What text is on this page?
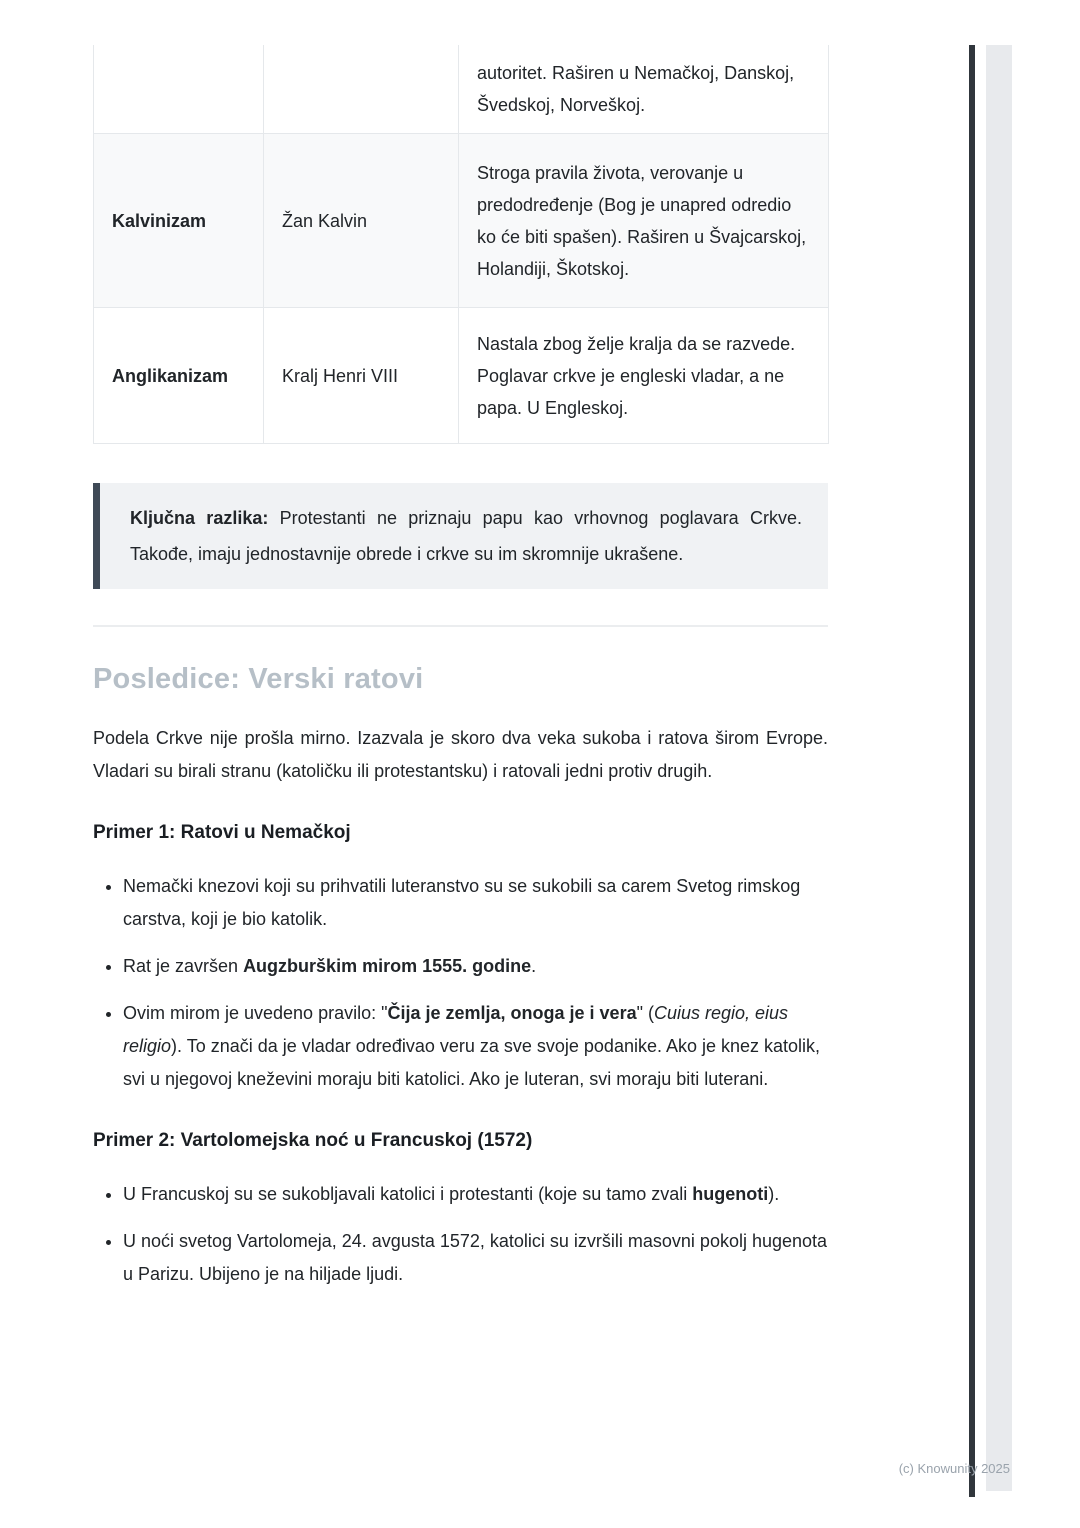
		autoritet. Raširen u Nemačkoj, Danskoj, Švedskoj, Norveškoj.
Kalvinizam	Žan Kalvin	Stroga pravila života, verovanje u predodređenje (Bog je unapred odredio ko će biti spašen). Raširen u Švajcarskoj, Holandiji, Škotskoj.
Anglikanizam	Kralj Henri VIII	Nastala zbog želje kralja da se razvede. Poglavar crkve je engleski vladar, a ne papa. U Engleskoj.
Ključna razlika: Protestanti ne priznaju papu kao vrhovnog poglavara Crkve. Takođe, imaju jednostavnije obrede i crkve su im skromnije ukrašene.
Posledice: Verski ratovi

Podela Crkve nije prošla mirno. Izazvala je skoro dva veka sukoba i ratova širom Evrope. Vladari su birali stranu (katoličku ili protestantsku) i ratovali jedni protiv drugih.

Primer 1: Ratovi u Nemačkoj
• Nemački knezovi koji su prihvatili luteranstvo su se sukobili sa carem Svetog rimskog carstva, koji je bio katolik.
• Rat je završen Augzburškim mirom 1555. godine.
• Ovim mirom je uvedeno pravilo: "Čija je zemlja, onoga je i vera" (Cuius regio, eius religio). To znači da je vladar određivao veru za sve svoje podanike. Ako je knez katolik, svi u njegovoj kneževini moraju biti katolici. Ako je luteran, svi moraju biti luterani.
Primer 2: Vartolomejska noć u Francuskoj (1572)
• U Francuskoj su se sukobljavali katolici i protestanti (koje su tamo zvali hugenoti).
• U noći svetog Vartolomeja, 24. avgusta 1572, katolici su izvršili masovni pokolj hugenota u Parizu. Ubijeno je na hiljade ljudi.
(c) Knowunity 2025
